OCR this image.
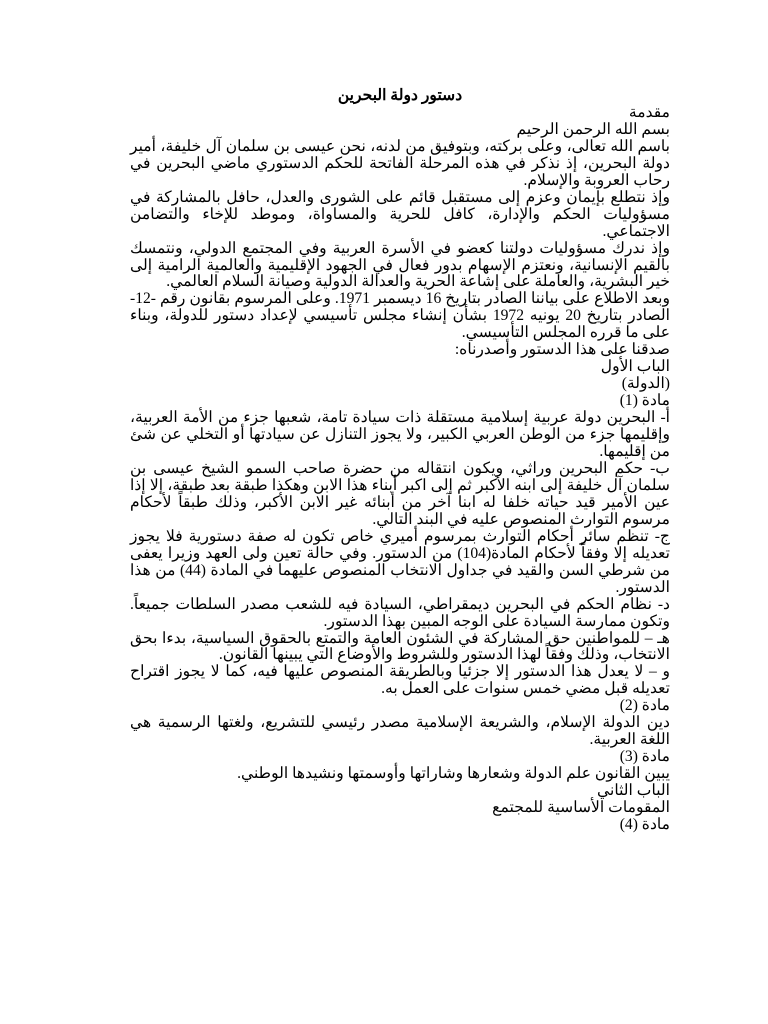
دستور دولة البحرين

مقدمة

بسم الله الرحمن الرحيم

باسم الله تعالى، وعلى بركته، وبتوفيق من لدنه، نحن عيسى بن سلمان آل خليفة، أمير دولة البحرين، إذ نذكر في هذه المرحلة الفاتحة للحكم الدستوري ماضي البحرين في رحاب العروبة والإسلام.

وإذ نتطلع بإيمان وعزم إلى مستقبل قائم على الشورى والعدل، حافل بالمشاركة في مسؤوليات الحكم والإدارة، كافل للحرية والمساواة، وموطد للإخاء والتضامن الاجتماعي.

وإذ ندرك مسؤوليات دولتنا كعضو في الأسرة العربية وفي المجتمع الدولي، ونتمسك بالقيم الإنسانية، ونعتزم الإسهام بدور فعال في الجهود الإقليمية والعالمية الرامية إلى خير البشرية، والعاملة على إشاعة الحرية والعدالة الدولية وصيانة السلام العالمي.

وبعد الاطلاع على بياننا الصادر بتاريخ 16 ديسمبر 1971. وعلى المرسوم بقانون رقم -12- الصادر بتاريخ 20 يونيه 1972 بشأن إنشاء مجلس تأسيسي لإعداد دستور للدولة، وبناء على ما قرره المجلس التأسيسي.

صدقنا على هذا الدستور وأصدرناه:

الباب الأول

(الدولة)

مادة (1)

أ- البحرين دولة عربية إسلامية مستقلة ذات سيادة تامة، شعبها جزء من الأمة العربية، وإقليمها جزء من الوطن العربي الكبير، ولا يجوز التنازل عن سيادتها أو التخلي عن شئ من إقليمها.

ب- حكم البحرين وراثي، ويكون انتقاله من حضرة صاحب السمو الشيخ عيسى بن سلمان آل خليفة إلى ابنه الأكبر ثم إلى اكبر أبناء هذا الابن وهكذا طبقة بعد طبقة، إلا إذا عين الأمير قيد حياته خلفا له ابنا آخر من أبنائه غير الابن الأكبر، وذلك طبقاً لأحكام مرسوم التوارث المنصوص عليه في البند التالي.

ج- تنظم سائر أحكام التوارث بمرسوم أميري خاص تكون له صفة دستورية فلا يجوز تعديله إلا وفقاً لأحكام المادة(104) من الدستور. وفي حالة تعين ولى العهد وزيرا يعفى من شرطي السن والقيد في جداول الانتخاب المنصوص عليهما في المادة (44) من هذا الدستور.

د- نظام الحكم في البحرين ديمقراطي، السيادة فيه للشعب مصدر السلطات جميعاً. وتكون ممارسة السيادة على الوجه المبين بهذا الدستور.

هـ – للمواطنين حق المشاركة في الشئون العامة والتمتع بالحقوق السياسية، بدءا بحق الانتخاب، وذلك وفقاً لهذا الدستور وللشروط والأوضاع التي يبينها القانون.

و – لا يعدل هذا الدستور إلا جزئيا وبالطريقة المنصوص عليها فيه، كما لا يجوز اقتراح تعديله قبل مضي خمس سنوات على العمل به.

مادة (2)

دين الدولة الإسلام، والشريعة الإسلامية مصدر رئيسي للتشريع، ولغتها الرسمية هي اللغة العربية.

مادة (3)

يبين القانون علم الدولة وشعارها وشاراتها وأوسمتها ونشيدها الوطني.

الباب الثاني

المقومات الأساسية للمجتمع

مادة (4)
